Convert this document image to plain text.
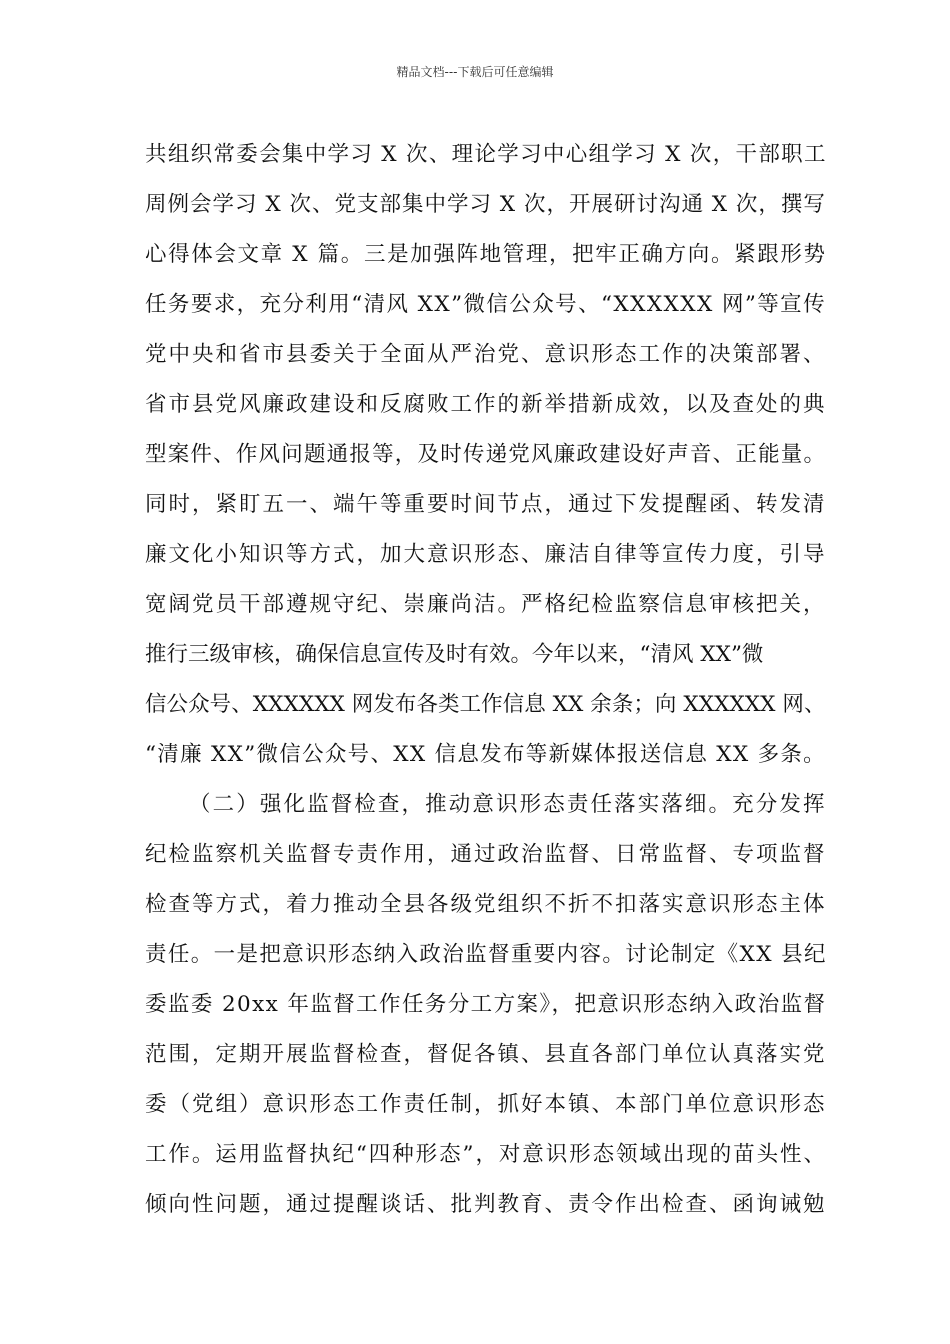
精品文档---下载后可任意编辑
共组织常委会集中学习 X 次、理论学习中心组学习 X 次，干部职工
周例会学习 X 次、党支部集中学习 X 次，开展研讨沟通 X 次，撰写
心得体会文章 X 篇。三是加强阵地管理，把牢正确方向。紧跟形势
任务要求，充分利用“清风 XX”微信公众号、“XXXXXX 网”等宣传
党中央和省市县委关于全面从严治党、意识形态工作的决策部署、
省市县党风廉政建设和反腐败工作的新举措新成效，以及查处的典
型案件、作风问题通报等，及时传递党风廉政建设好声音、正能量。
同时，紧盯五一、端午等重要时间节点，通过下发提醒函、转发清
廉文化小知识等方式，加大意识形态、廉洁自律等宣传力度，引导
宽阔党员干部遵规守纪、崇廉尚洁。严格纪检监察信息审核把关，
推行三级审核，确保信息宣传及时有效。今年以来，“清风 XX”微
信公众号、XXXXXX 网发布各类工作信息 XX 余条；向 XXXXXX 网、
“清廉 XX”微信公众号、XX 信息发布等新媒体报送信息 XX 多条。
（二）强化监督检查，推动意识形态责任落实落细。充分发挥
纪检监察机关监督专责作用，通过政治监督、日常监督、专项监督
检查等方式，着力推动全县各级党组织不折不扣落实意识形态主体
责任。一是把意识形态纳入政治监督重要内容。讨论制定《XX 县纪
委监委 20xx 年监督工作任务分工方案》，把意识形态纳入政治监督
范围，定期开展监督检查，督促各镇、县直各部门单位认真落实党
委（党组）意识形态工作责任制，抓好本镇、本部门单位意识形态
工作。运用监督执纪“四种形态”，对意识形态领域出现的苗头性、
倾向性问题，通过提醒谈话、批判教育、责令作出检查、函询诫勉
